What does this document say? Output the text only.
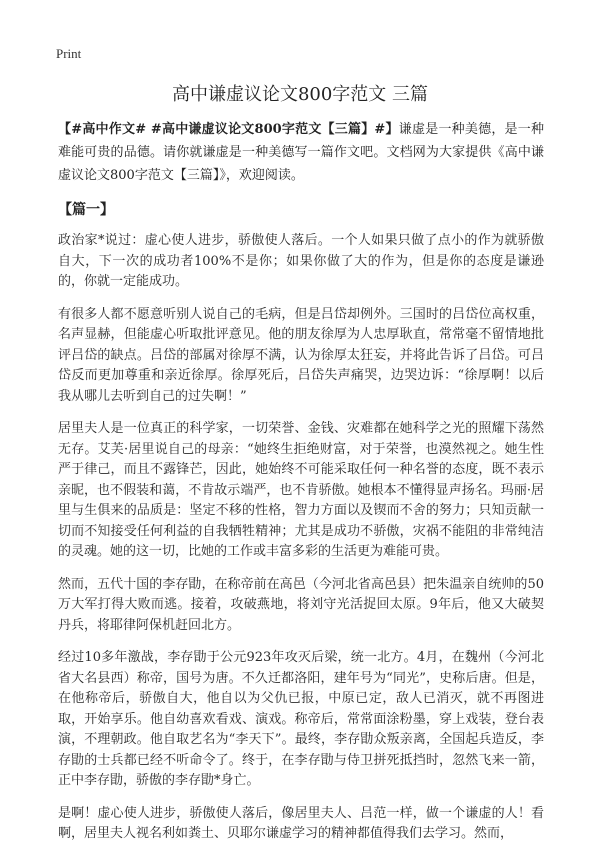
Print
高中谦虚议论文800字范文 三篇

【#高中作文# #高中谦虚议论文800字范文【三篇】#】谦虚是一种美德，是一种难能可贵的品德。请你就谦虚是一种美德写一篇作文吧。文档网为大家提供《高中谦虚议论文800字范文【三篇】》，欢迎阅读。

【篇一】

政治家*说过：虚心使人进步，骄傲使人落后。一个人如果只做了点小的作为就骄傲自大，下一次的成功者100%不是你；如果你做了大的作为，但是你的态度是谦逊的，你就一定能成功。

有很多人都不愿意听别人说自己的毛病，但是吕岱却例外。三国时的吕岱位高权重，名声显赫，但能虚心听取批评意见。他的朋友徐厚为人忠厚耿直，常常毫不留情地批评吕岱的缺点。吕岱的部属对徐厚不满，认为徐厚太狂妄，并将此告诉了吕岱。可吕岱反而更加尊重和亲近徐厚。徐厚死后，吕岱失声痛哭，边哭边诉：“徐厚啊！以后我从哪儿去听到自己的过失啊！”

居里夫人是一位真正的科学家，一切荣誉、金钱、灾难都在她科学之光的照耀下荡然无存。艾芙·居里说自己的母亲：“她终生拒绝财富，对于荣誉，也漠然视之。她生性严于律己，而且不露锋芒，因此，她始终不可能采取任何一种名誉的态度，既不表示亲昵，也不假装和蔼，不肯故示端严，也不肯骄傲。她根本不懂得显声扬名。玛丽·居里与生俱来的品质是：坚定不移的性格，智力方面以及锲而不舍的努力；只知贡献一切而不知接受任何利益的自我牺牲精神；尤其是成功不骄傲，灾祸不能阻的非常纯洁的灵魂。她的这一切，比她的工作或丰富多彩的生活更为难能可贵。

然而，五代十国的李存勖，在称帝前在高邑（今河北省高邑县）把朱温亲自统帅的50万大军打得大败而逃。接着，攻破燕地，将刘守光活捉回太原。9年后，他又大破契丹兵，将耶律阿保机赶回北方。

经过10多年激战，李存勖于公元923年攻灭后梁，统一北方。4月，在魏州（今河北省大名县西）称帝，国号为唐。不久迁都洛阳，建年号为“同光”，史称后唐。但是，在他称帝后，骄傲自大，他自以为父仇已报，中原已定，敌人已消灭，就不再图进取，开始享乐。他自幼喜欢看戏、演戏。称帝后，常常面涂粉墨，穿上戏装，登台表演，不理朝政。他自取艺名为“李天下”。最终，李存勖众叛亲离，全国起兵造反，李存勖的士兵都已经不听命令了。终于，在李存勖与侍卫拼死抵挡时，忽然飞来一箭，正中李存勖，骄傲的李存勖*身亡。

是啊！虚心使人进步，骄傲使人落后，像居里夫人、吕范一样，做一个谦虚的人！看啊，居里夫人视名利如粪土、贝耶尔谦虚学习的精神都值得我们去学习。然而，
